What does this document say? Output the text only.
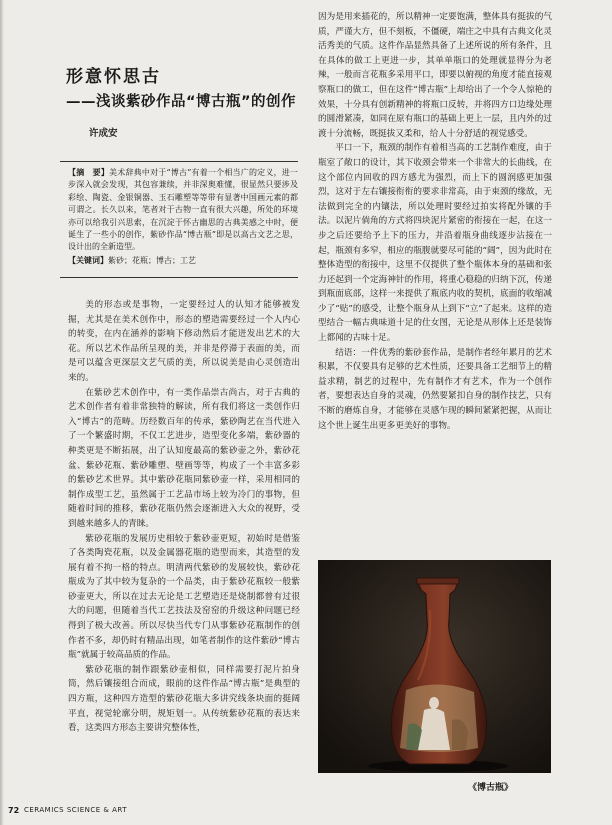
形意怀思古
——浅谈紫砂作品“博古瓶”的创作
许成安

【摘　要】美术辞典中对于“博古”有着一个相当广的定义，进一步深入就会发现，其包容兼续，并非深奥难懂，很显然只要涉及彩绘、陶瓷、金银铜器、玉石雕塑等等带有显著中国画元素的都可谓之。长久以来，笔者对于古物一直有很大兴趣，所处的环境亦可以给我引兴思索，在沉淀于怀古幽思的古典美感之中时，便诞生了一些小的创作，紫砂作品“博古瓶”即是以高古文艺之思，设计出的全新造型。

【关键词】紫砂；花瓶；博古；工艺

美的形态或是事物，一定要经过人的认知才能够被发掘，尤其是在美术创作中，形态的塑造需要经过一个人内心的转变，在内在涵养的影响下修动然后才能迸发出艺术的大花。所以艺术作品所呈现的美，并非是停滞于表面的美，而是可以蕴含更深层文艺气质的美，所以说美是由心灵创造出来的。

在紫砂艺术创作中，有一类作品崇古尚古，对于古典的艺术创作者有着非常独特的解读，所有我们将这一类创作归入“博古”的范畴。历经数百年的传承，紫砂陶艺在当代进入了一个繁盛时期，不仅工艺进步，造型变化多端，紫砂器的种类更是不断拓展，出了认知度最高的紫砂壶之外，紫砂花盆、紫砂花瓶、紫砂雕塑、壁画等等，构成了一个丰富多彩的紫砂艺术世界。其中紫砂花瓶同紫砂壶一样，采用相同的制作成型工艺，虽然属于工艺品市场上较为冷门的事物，但随着时间的推移，紫砂花瓶仍然会逐渐进入大众的视野，受到越来越多人的青睐。

紫砂花瓶的发展历史相较于紫砂壶更短，初始时是借鉴了各类陶瓷花瓶，以及金属器花瓶的造型而来，其造型的发展有着不拘一格的特点。明清两代紫砂的发展较快，紫砂花瓶成为了其中较为复杂的一个品类，由于紫砂花瓶较一般紫砂壶更大，所以在过去无论是工艺塑造还是烧制都曾有过很大的问题，但随着当代工艺技法及窑窑的升级这种问题已经得到了极大改善。所以尽快当代专门从事紫砂花瓶制作的创作者不多，却仍时有精品出现，如笔者制作的这件紫砂“博古瓶”就属于较高品质的作品。

紫砂花瓶的制作跟紫砂壶相似，同样需要打泥片拍身筒，然后镶接组合而成，眼前的这件作品“博古瓶”是典型的四方瓶，这种四方造型的紫砂花瓶大多讲究线条块面的挺阔平直，视觉轮廓分明，规矩划一。从传统紫砂花瓶的表达来看，这类四方形态主要讲究整体性，

因为是用来插花的，所以精神一定要饱满，整体具有挺拔的气质，严谨大方，但不刻板，不僵硬，端庄之中具有古典文化灵活秀美的气质。这件作品显然具备了上述所说的所有条件，且在具体的做工上更进一步，其单单瓶口的处理就显得分为老辣，一般而言花瓶多采用平口，即要以俯视的角度才能直接观察瓶口的做工，但在这件“博古瓶”上却给出了一个令人惊艳的效果，十分具有创新精神的将瓶口反转，并将四方口边缘处理的圆滑紧凑，如同在原有瓶口的基础上更上一层，且内外的过渡十分流畅，既挺拔又柔和，给人十分舒适的视觉感受。

平口一下，瓶颈的制作有着相当高的工艺制作难度，由于瓶室了敞口的设计，其下收颈会带来一个非常大的长曲线，在这个部位内回收的四方感尤为强烈，而上下的圆润感更加强烈，这对于左右镶接衔衔的要求非常高，由于束颈的缘故，无法做到完全的内镶法，所以处理时要经过拍实将配外镶的手法。以泥片倘角的方式将四块泥片紧密的衔接在一起，在这一步之后还要给予上下的压力，并沿着瓶身曲线逐步沾接在一起，瓶颈有多窄，相应的瓶腹就要尽可能的“阔”，因为此时在整体造型的衔接中，这里不仅提供了整个瓶体本身的基础和张力还起到一个定海神针的作用，将重心稳稳的归纳下沉，传递到瓶面底部，这样一来提供了瓶底内收的契机，底面的收缩减少了“贴”的感受，让整个瓶身从上到下“立”了起来。这样的造型结合一幅古典味道十足的仕女图，无论是从形体上还是装饰上都闻的古味十足。

结语：一件优秀的紫砂套作品，是制作者经年累月的艺术积累，不仅要具有足够的艺术性质，还要具备工艺细节上的精益求精，制艺的过程中，先有制作才有艺术，作为一个创作者，要想表达自身的灵魂，仍然要紧扣自身的制作技艺，只有不断的磨炼自身，才能够在灵感乍现的瞬间紧紧把握，从而让这个世上诞生出更多更美好的事物。

《博古瓶》
72 CERAMICS SCIENCE & ART
